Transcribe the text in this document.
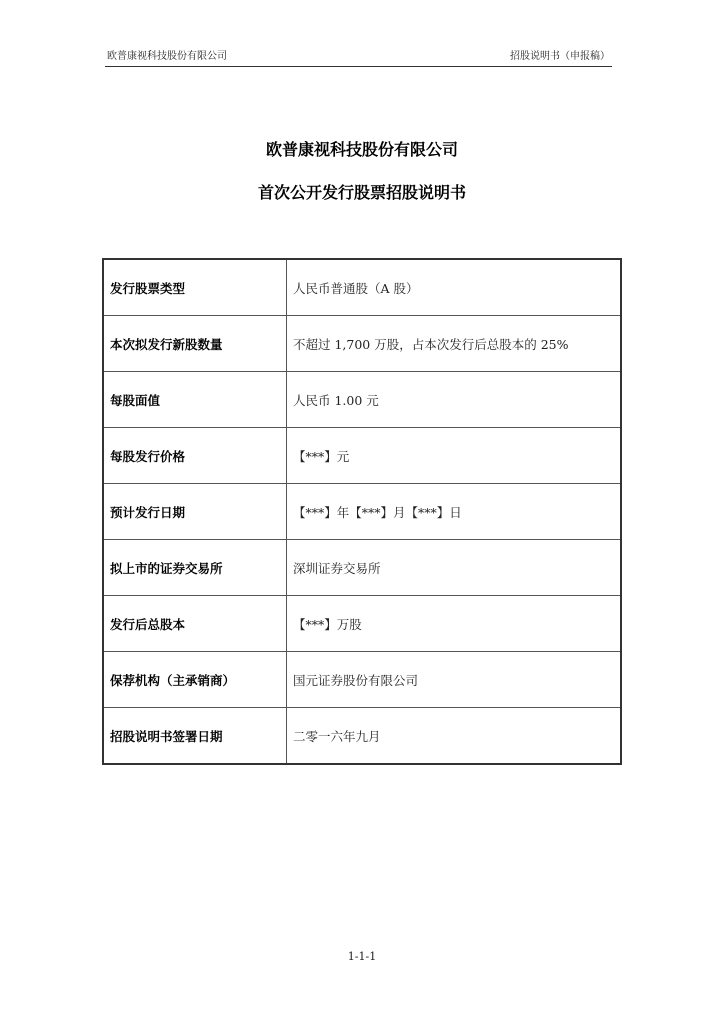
欧普康视科技股份有限公司	招股说明书（申报稿）
欧普康视科技股份有限公司
首次公开发行股票招股说明书
发行股票类型	人民币普通股（A 股）
本次拟发行新股数量	不超过 1,700 万股，占本次发行后总股本的 25%
每股面值	人民币 1.00 元
每股发行价格	【***】元
预计发行日期	【***】年【***】月【***】日
拟上市的证券交易所	深圳证券交易所
发行后总股本	【***】万股
保荐机构（主承销商）	国元证券股份有限公司
招股说明书签署日期	二零一六年九月
1-1-1
